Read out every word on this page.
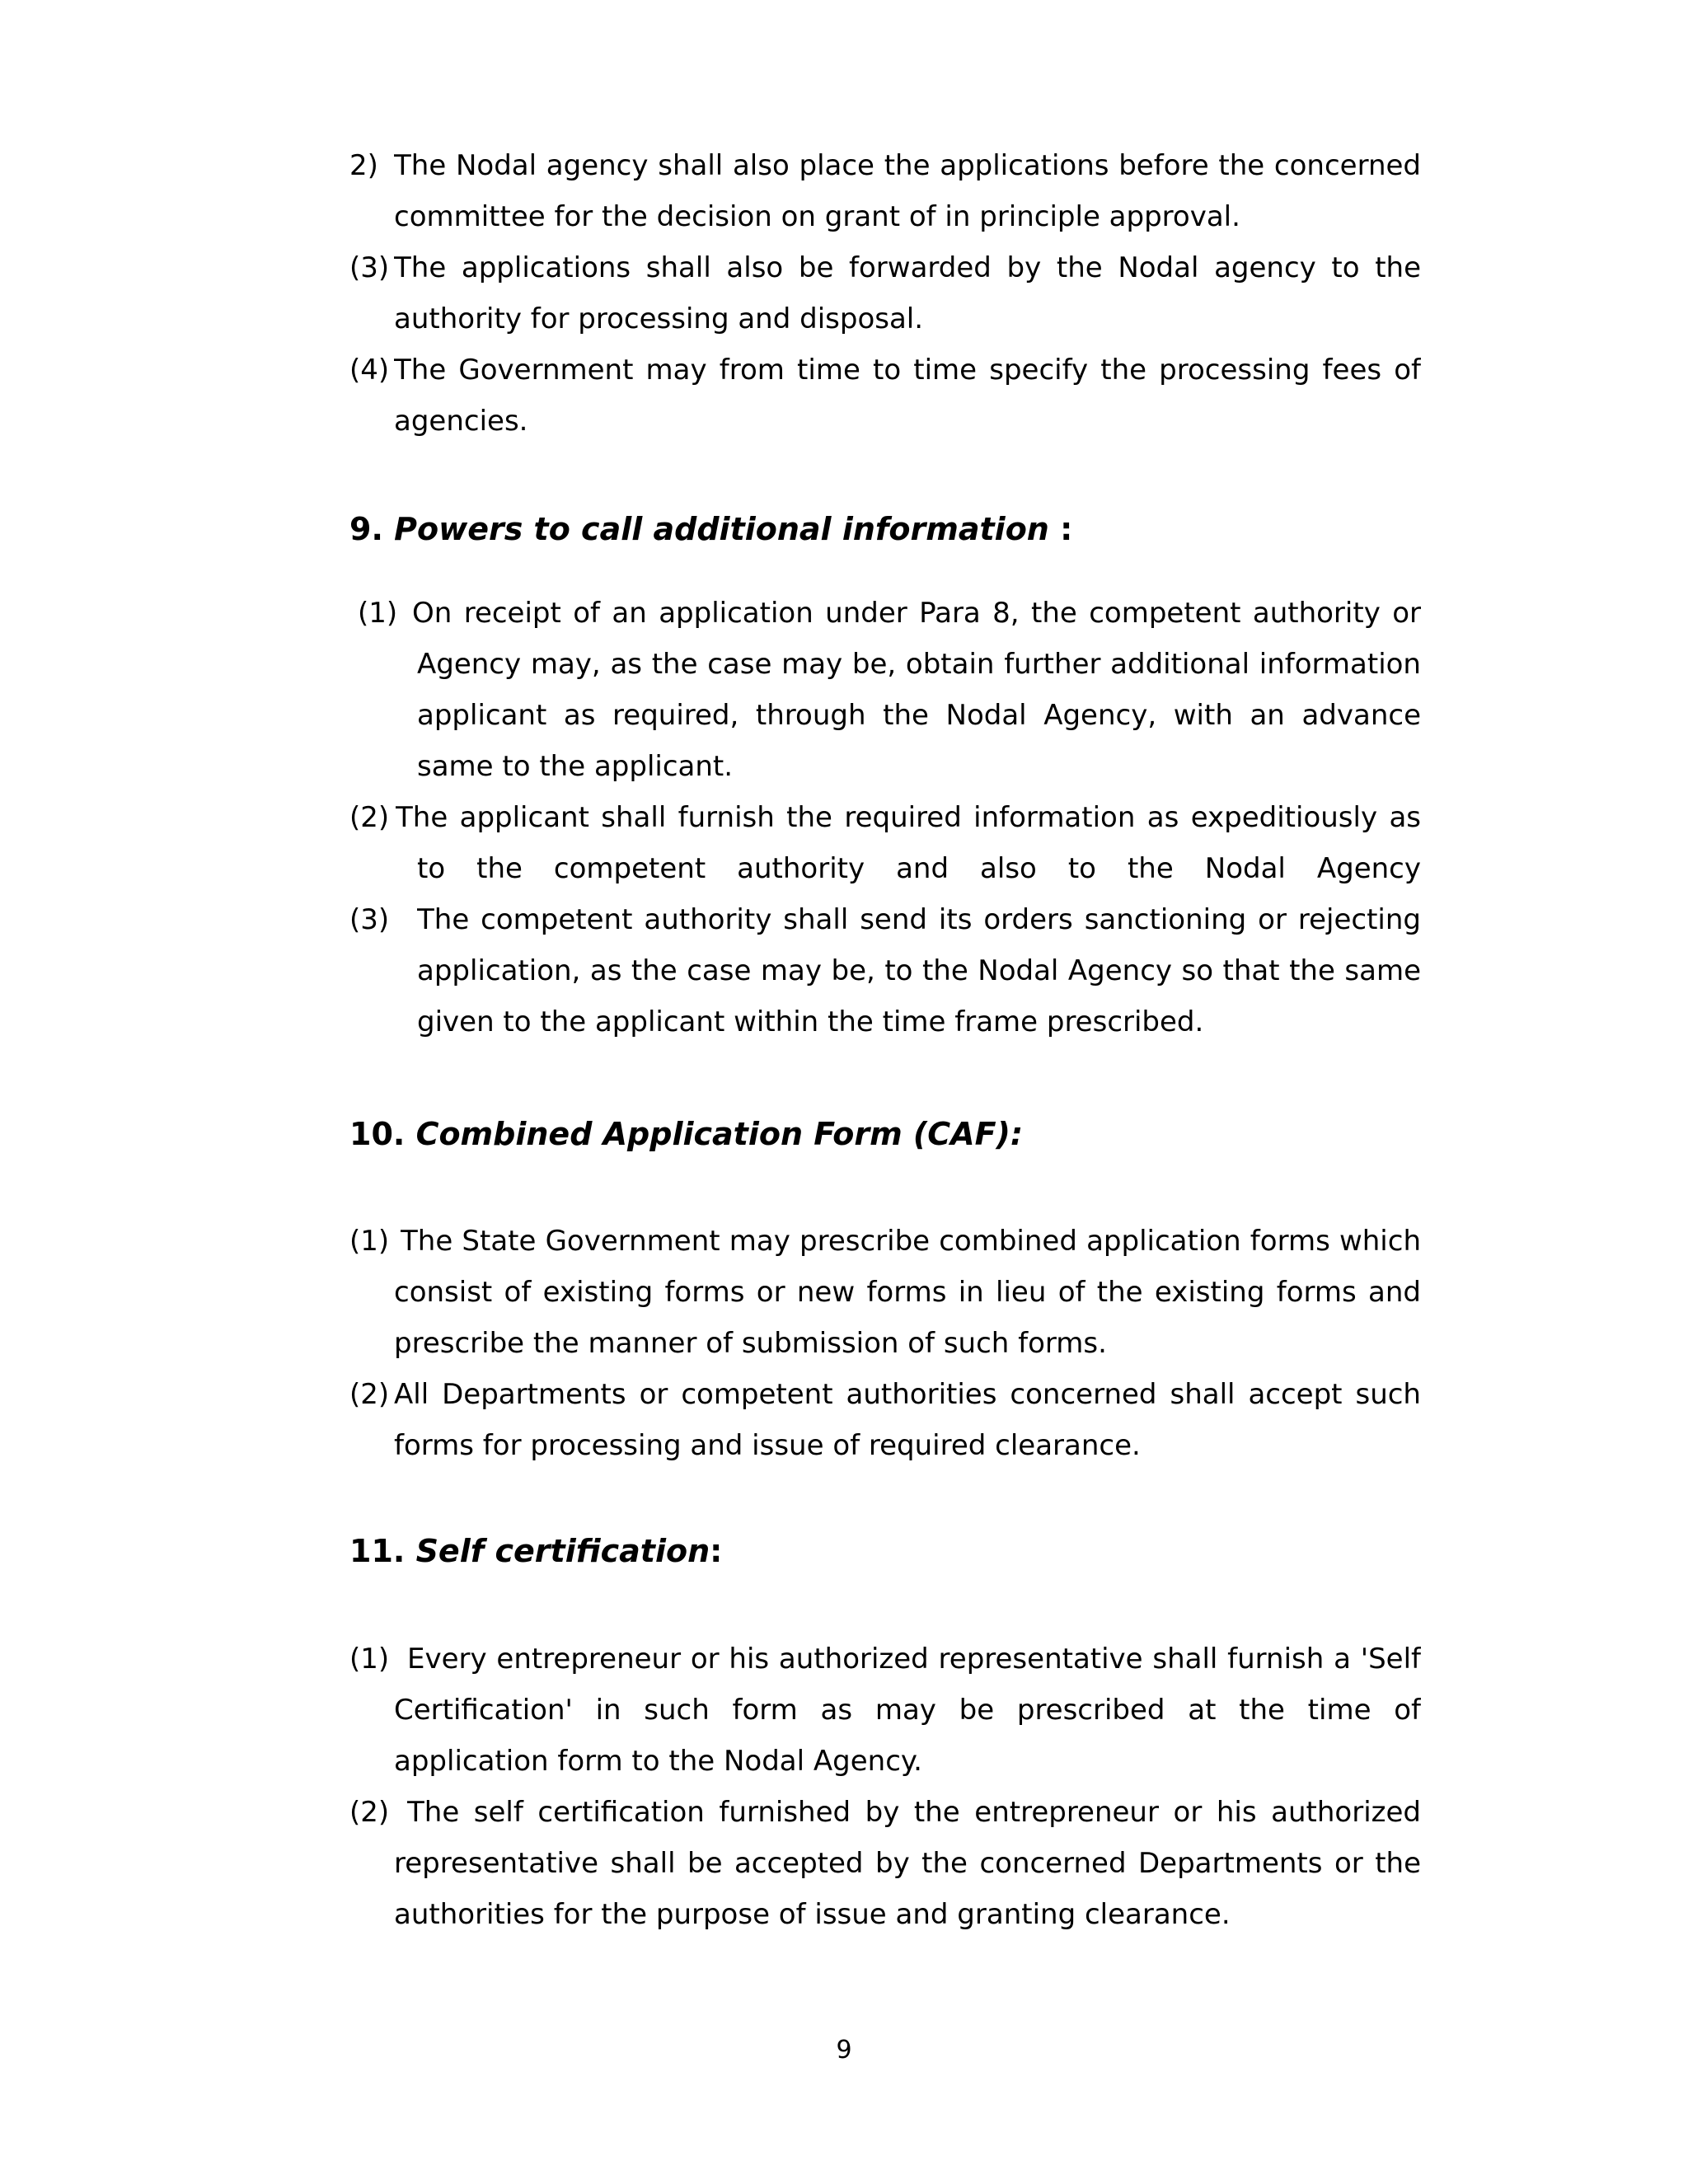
2) The Nodal agency shall also place the applications before the concerned
committee for the decision on grant of in principle approval.
(3) The applications shall also be forwarded by the Nodal agency to the
authority for processing and disposal.
(4) The Government may from time to time specify the processing fees of
agencies.
9. Powers to call additional information :
(1) On receipt of an application under Para 8, the competent authority or
Agency may, as the case may be, obtain further additional information
applicant as required, through the Nodal Agency, with an advance
same to the applicant.
(2) The applicant shall furnish the required information as expeditiously as
to the competent authority and also to the Nodal Agency
(3) The competent authority shall send its orders sanctioning or rejecting
application, as the case may be, to the Nodal Agency so that the same
given to the applicant within the time frame prescribed.
10. Combined Application Form (CAF):
(1) The State Government may prescribe combined application forms which
consist of existing forms or new forms in lieu of the existing forms and
prescribe the manner of submission of such forms.
(2) All Departments or competent authorities concerned shall accept such
forms for processing and issue of required clearance.
11. Self certification:
(1) Every entrepreneur or his authorized representative shall furnish a 'Self
Certification' in such form as may be prescribed at the time of
application form to the Nodal Agency.
(2) The self certification furnished by the entrepreneur or his authorized
representative shall be accepted by the concerned Departments or the
authorities for the purpose of issue and granting clearance.
9
